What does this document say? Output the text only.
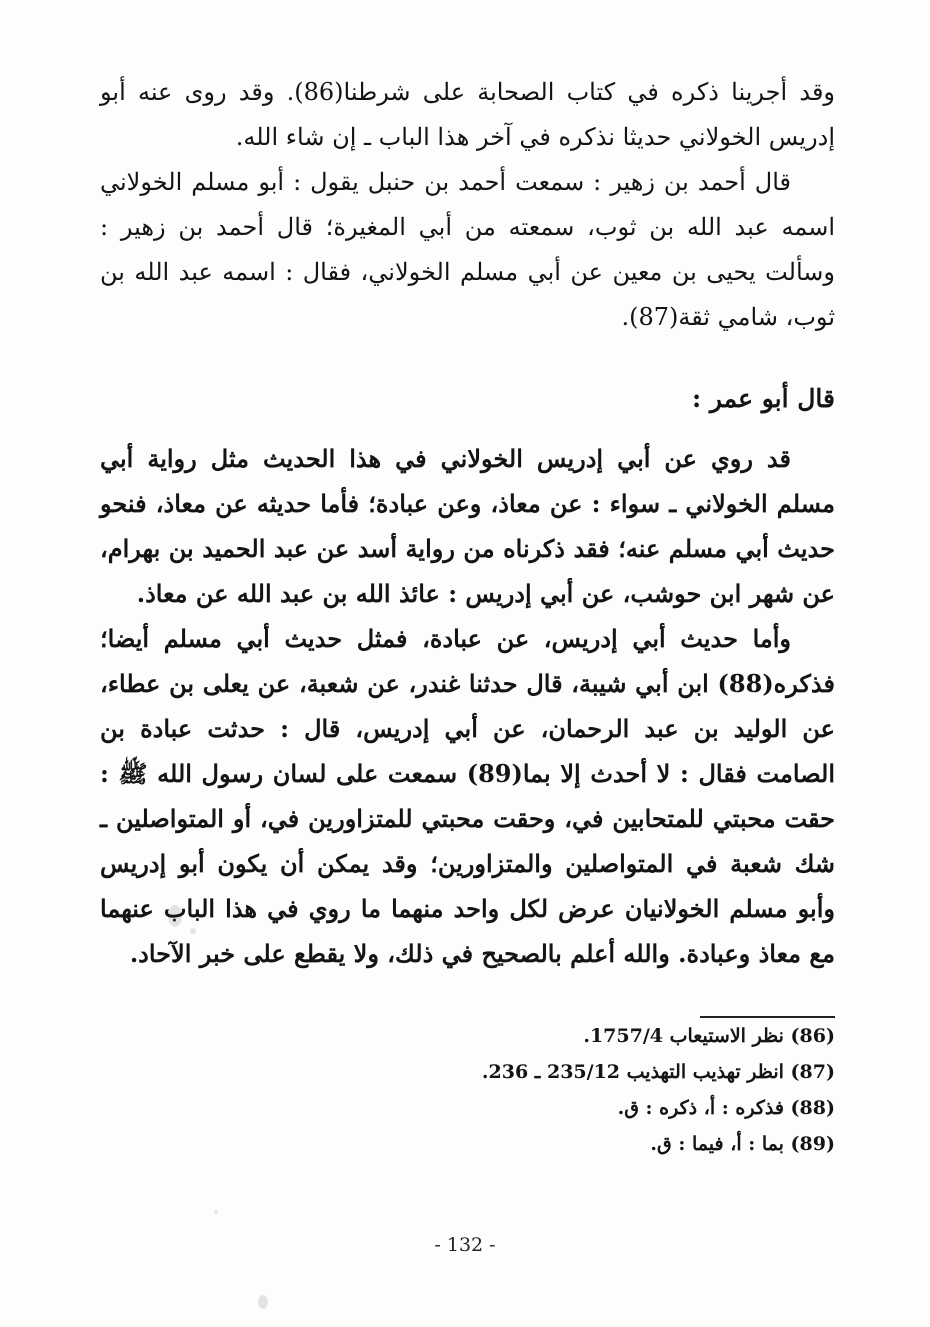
وقد أجرينا ذكره في كتاب الصحابة على شرطنا(86). وقد روى عنه أبو إدريس الخولاني حديثا نذكره في آخر هذا الباب ـ إن شاء الله.

قال أحمد بن زهير : سمعت أحمد بن حنبل يقول : أبو مسلم الخولاني اسمه عبد الله بن ثوب، سمعته من أبي المغيرة؛ قال أحمد بن زهير : وسألت يحيى بن معين عن أبي مسلم الخولاني، فقال : اسمه عبد الله بن ثوب، شامي ثقة(87).

قال أبو عمر :

قد روي عن أبي إدريس الخولاني في هذا الحديث مثل رواية أبي مسلم الخولاني ـ سواء : عن معاذ، وعن عبادة؛ فأما حديثه عن معاذ، فنحو حديث أبي مسلم عنه؛ فقد ذكرناه من رواية أسد عن عبد الحميد بن بهرام، عن شهر ابن حوشب، عن أبي إدريس : عائذ الله بن عبد الله عن معاذ.

وأما حديث أبي إدريس، عن عبادة، فمثل حديث أبي مسلم أيضا؛ فذكره(88) ابن أبي شيبة، قال حدثنا غندر، عن شعبة، عن يعلى بن عطاء، عن الوليد بن عبد الرحمان، عن أبي إدريس، قال : حدثت عبادة بن الصامت فقال : لا أحدث إلا بما(89) سمعت على لسان رسول الله ﷺ : حقت محبتي للمتحابين في، وحقت محبتي للمتزاورين في، أو المتواصلين ـ شك شعبة في المتواصلين والمتزاورين؛ وقد يمكن أن يكون أبو إدريس وأبو مسلم الخولانيان عرض لكل واحد منهما ما روي في هذا الباب عنهما مع معاذ وعبادة. والله أعلم بالصحيح في ذلك، ولا يقطع على خبر الآحاد.

(86) نظر الاستيعاب 1757/4.
(87) انظر تهذيب التهذيب 235/12 ـ 236.
(88) فذكره : أ، ذكره : ق.
(89) بما : أ، فيما : ق.
- 132 -
